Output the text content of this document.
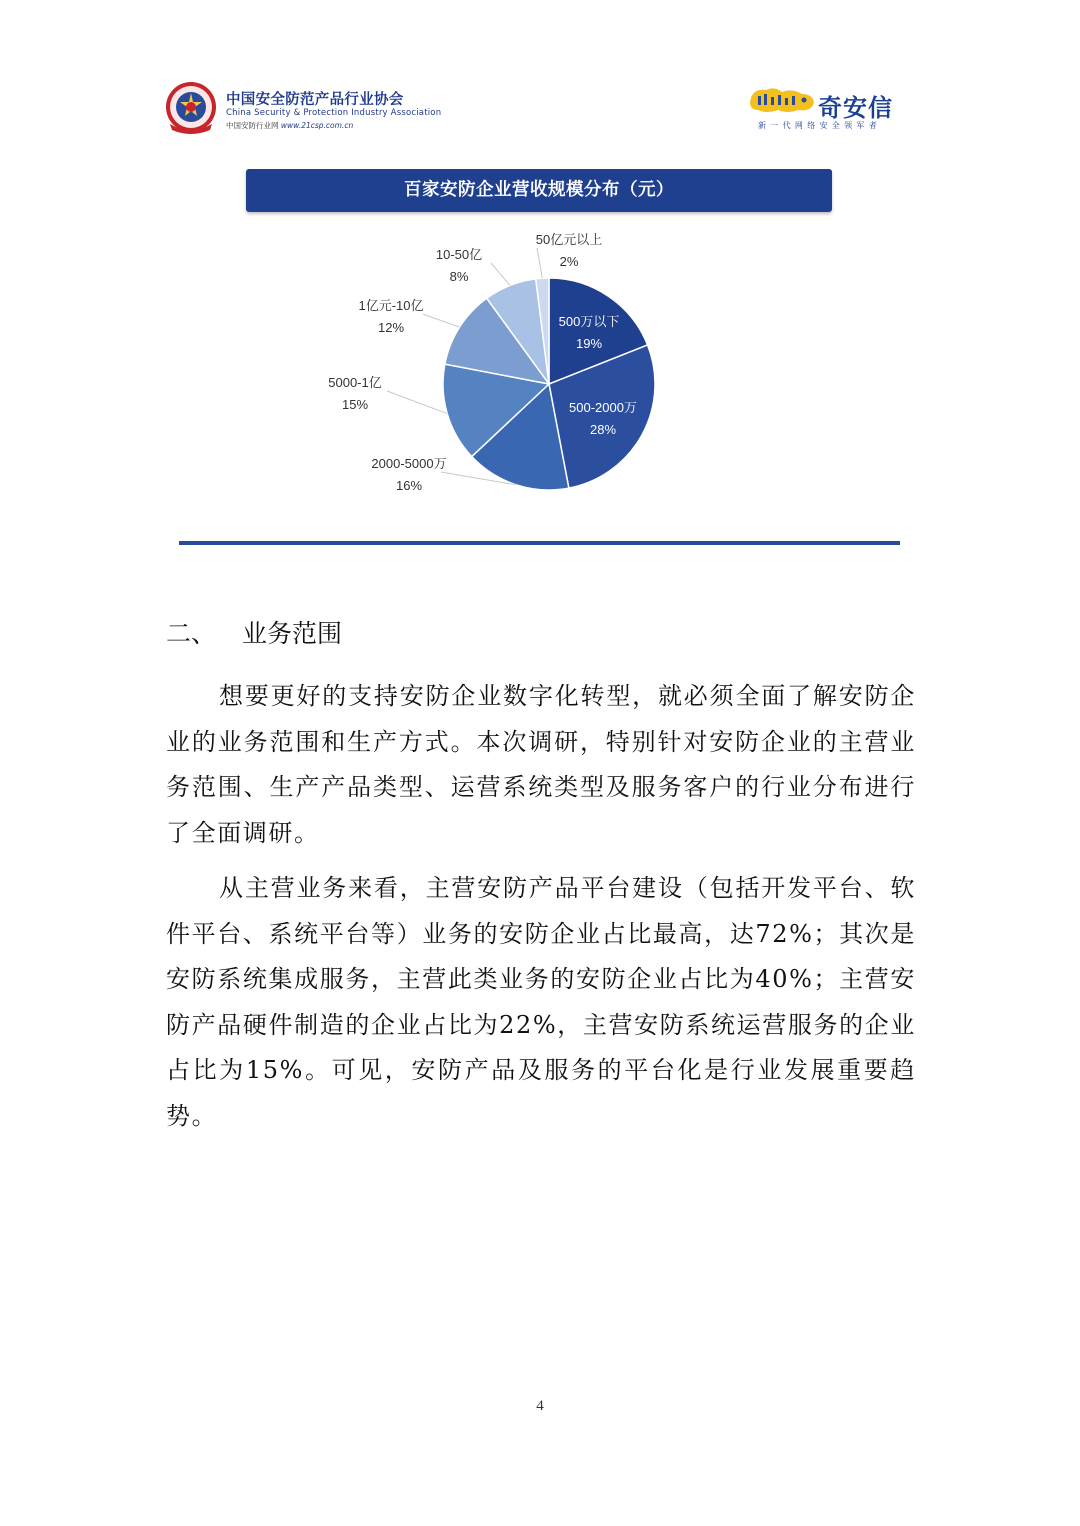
中国安全防范产品行业协会
China Security & Protection Industry Association
中国安防行业网 www.21csp.com.cn
奇安信
新一代网络安全领军者
百家安防企业营收规模分布（元）
500万以下
19%
500-2000万
28%
2000-5000万
16%
5000-1亿
15%
1亿元-10亿
12%
10-50亿
8%
50亿元以上
2%
二、 业务范围

想要更好的支持安防企业数字化转型，就必须全面了解安防企业的业务范围和生产方式。本次调研，特别针对安防企业的主营业务范围、生产产品类型、运营系统类型及服务客户的行业分布进行了全面调研。

从主营业务来看，主营安防产品平台建设（包括开发平台、软件平台、系统平台等）业务的安防企业占比最高，达72%；其次是安防系统集成服务，主营此类业务的安防企业占比为40%；主营安防产品硬件制造的企业占比为22%，主营安防系统运营服务的企业占比为15%。可见，安防产品及服务的平台化是行业发展重要趋势。

4
